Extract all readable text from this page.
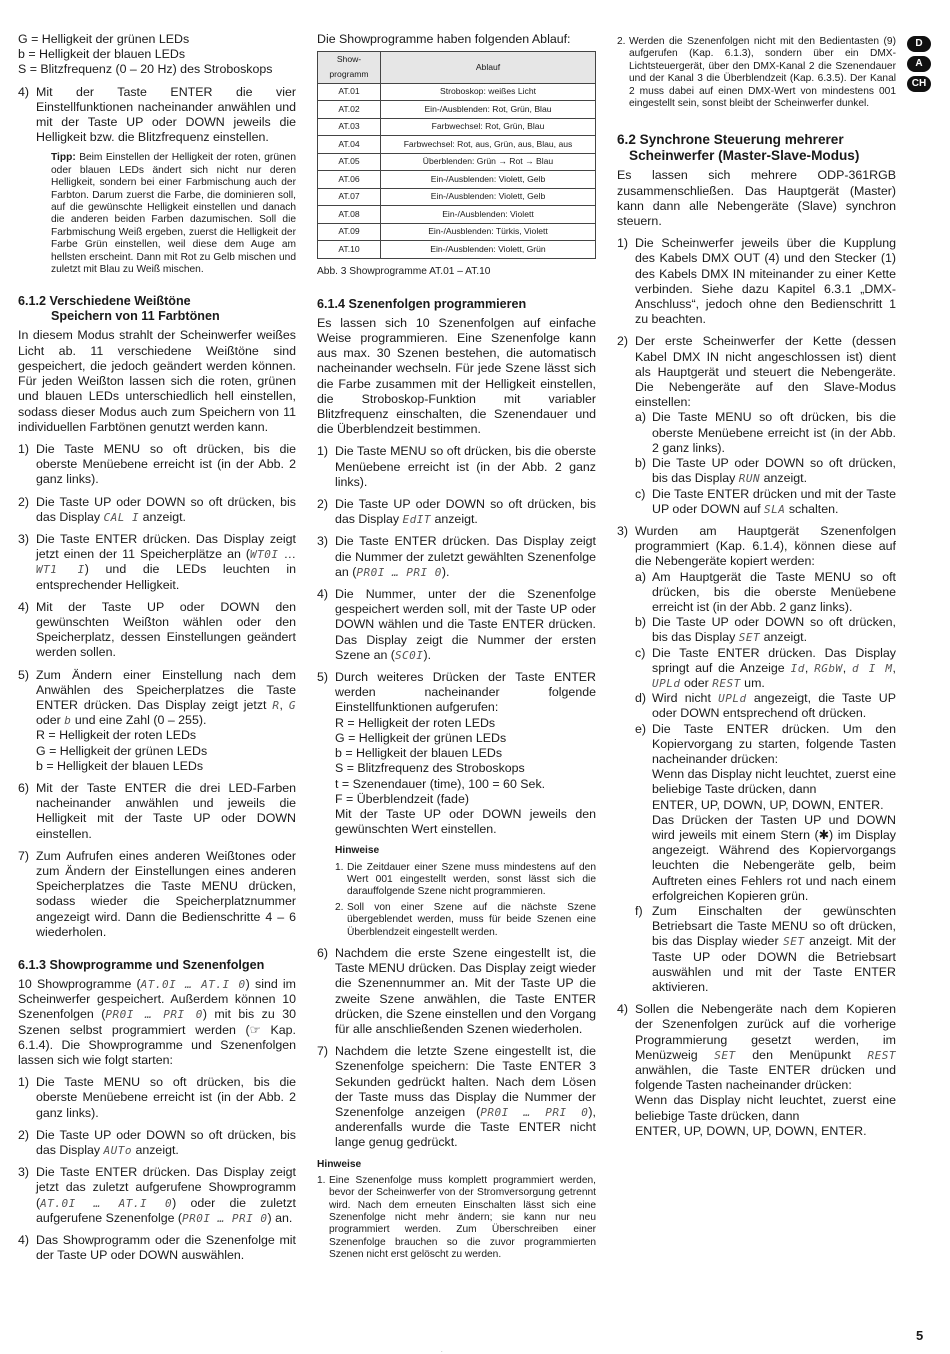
G = Helligkeit der grünen LEDs

b = Helligkeit der blauen LEDs

S = Blitzfrequenz (0 – 20 Hz) des Stroboskops

4) Mit der Taste ENTER die vier Einstellfunktionen nacheinander anwählen und mit der Taste UP oder DOWN jeweils die Helligkeit bzw. die Blitzfrequenz einstellen.
Tipp: Beim Einstellen der Helligkeit der roten, grünen oder blauen LEDs ändert sich nicht nur deren Helligkeit, sondern bei einer Farbmischung auch der Farbton. Darum zuerst die Farbe, die dominieren soll, auf die gewünschte Helligkeit einstellen und danach die anderen beiden Farben dazumischen. Soll die Farbmischung Weiß ergeben, zuerst die Helligkeit der Farbe Grün einstellen, weil diese dem Auge am hellsten erscheint. Dann mit Rot zu Gelb mischen und zuletzt mit Blau zu Weiß mischen.
6.1.2 Verschiedene Weißtöne
Speichern von 11 Farbtönen

In diesem Modus strahlt der Scheinwerfer weißes Licht ab. 11 verschiedene Weißtöne sind gespeichert, die jedoch geändert werden können. Für jeden Weißton lassen sich die roten, grünen und blauen LEDs unterschiedlich hell einstellen, sodass dieser Modus auch zum Speichern von 11 individuellen Farbtönen genutzt werden kann.

1) Die Taste MENU so oft drücken, bis die oberste Menüebene erreicht ist (in der Abb. 2 ganz links).
2) Die Taste UP oder DOWN so oft drücken, bis das Display CAL I anzeigt.
3) Die Taste ENTER drücken. Das Display zeigt jetzt einen der 11 Speicherplätze an (WT0I … WT1 I) und die LEDs leuchten in entsprechender Helligkeit.
4) Mit der Taste UP oder DOWN den gewünschten Weißton wählen oder den Speicherplatz, dessen Einstellungen geändert werden sollen.
5) Zum Ändern einer Einstellung nach dem Anwählen des Speicherplatzes die Taste ENTER drücken. Das Display zeigt jetzt R, G oder b und eine Zahl (0 – 255).
R = Helligkeit der roten LEDs
G = Helligkeit der grünen LEDs
b = Helligkeit der blauen LEDs
6) Mit der Taste ENTER die drei LED-Farben nacheinander anwählen und jeweils die Helligkeit mit der Taste UP oder DOWN einstellen.
7) Zum Aufrufen eines anderen Weißtones oder zum Ändern der Einstellungen eines anderen Speicherplatzes die Taste MENU drücken, sodass wieder die Speicherplatznummer angezeigt wird. Dann die Bedienschritte 4 – 6 wiederholen.
6.1.3 Showprogramme und Szenenfolgen

10 Showprogramme (AT.0I … AT.I 0) sind im Scheinwerfer gespeichert. Außerdem können 10 Szenenfolgen (PR0I … PRI 0) mit bis zu 30 Szenen selbst programmiert werden (☞ Kap. 6.1.4). Die Showprogramme und Szenenfolgen lassen sich wie folgt starten:

1) Die Taste MENU so oft drücken, bis die oberste Menüebene erreicht ist (in der Abb. 2 ganz links).
2) Die Taste UP oder DOWN so oft drücken, bis das Display AUTo anzeigt.
3) Die Taste ENTER drücken. Das Display zeigt jetzt das zuletzt aufgerufene Showprogramm (AT.0I … AT.I 0) oder die zuletzt aufgerufene Szenenfolge (PR0I … PRI 0) an.
4) Das Showprogramm oder die Szenenfolge mit der Taste UP oder DOWN auswählen.

Die Showprogramme haben folgenden Ablauf:

Show-programm	Ablauf
AT.01	Stroboskop: weißes Licht
AT.02	Ein-/Ausblenden: Rot, Grün, Blau
AT.03	Farbwechsel: Rot, Grün, Blau
AT.04	Farbwechsel: Rot, aus, Grün, aus, Blau, aus
AT.05	Überblenden: Grün → Rot → Blau
AT.06	Ein-/Ausblenden: Violett, Gelb
AT.07	Ein-/Ausblenden: Violett, Gelb
AT.08	Ein-/Ausblenden: Violett
AT.09	Ein-/Ausblenden: Türkis, Violett
AT.10	Ein-/Ausblenden: Violett, Grün

Abb. 3 Showprogramme AT.01 – AT.10

6.1.4 Szenenfolgen programmieren

Es lassen sich 10 Szenenfolgen auf einfache Weise programmieren. Eine Szenenfolge kann aus max. 30 Szenen bestehen, die automatisch nacheinander wechseln. Für jede Szene lässt sich die Farbe zusammen mit der Helligkeit einstellen, die Stroboskop-Funktion mit variabler Blitzfrequenz einschalten, die Szenendauer und die Überblendzeit bestimmen.

1) Die Taste MENU so oft drücken, bis die oberste Menüebene erreicht ist (in der Abb. 2 ganz links).
2) Die Taste UP oder DOWN so oft drücken, bis das Display EdIT anzeigt.
3) Die Taste ENTER drücken. Das Display zeigt die Nummer der zuletzt gewählten Szenenfolge an (PR0I … PRI 0).
4) Die Nummer, unter der die Szenenfolge gespeichert werden soll, mit der Taste UP oder DOWN wählen und die Taste ENTER drücken. Das Display zeigt die Nummer der ersten Szene an (SC0I).
5) Durch weiteres Drücken der Taste ENTER werden nacheinander folgende Einstellfunktionen aufgerufen:
R = Helligkeit der roten LEDs
G = Helligkeit der grünen LEDs
b = Helligkeit der blauen LEDs
S = Blitzfrequenz des Stroboskops
t = Szenendauer (time), 100 = 60 Sek.
F = Überblendzeit (fade)
Mit der Taste UP oder DOWN jeweils den gewünschten Wert einstellen.
Hinweise
1. Die Zeitdauer einer Szene muss mindestens auf den Wert 001 eingestellt werden, sonst lässt sich die darauffolgende Szene nicht programmieren.
2. Soll von einer Szene auf die nächste Szene übergeblendet werden, muss für beide Szenen eine Überblendzeit eingestellt werden.
6) Nachdem die erste Szene eingestellt ist, die Taste MENU drücken. Das Display zeigt wieder die Szenennummer an. Mit der Taste UP die zweite Szene anwählen, die Taste ENTER drücken, die Szene einstellen und den Vorgang für alle anschließenden Szenen wiederholen.
7) Nachdem die letzte Szene eingestellt ist, die Szenenfolge speichern: Die Taste ENTER 3 Sekunden gedrückt halten. Nach dem Lösen der Taste muss das Display die Nummer der Szenenfolge anzeigen (PR0I … PRI 0), anderenfalls wurde die Taste ENTER nicht lange genug gedrückt.
Hinweise
1. Eine Szenenfolge muss komplett programmiert werden, bevor der Scheinwerfer von der Stromversorgung getrennt wird. Nach dem erneuten Einschalten lässt sich eine Szenenfolge nicht mehr ändern; sie kann nur neu programmiert werden. Zum Überschreiben einer Szenenfolge brauchen so die zuvor programmierten Szenen nicht erst gelöscht zu werden.
2. Werden die Szenenfolgen nicht mit den Bedientasten (9) aufgerufen (Kap. 6.1.3), sondern über ein DMX-Lichtsteuergerät, über den DMX-Kanal 2 die Szenendauer und der Kanal 3 die Überblendzeit (Kap. 6.3.5). Der Kanal 2 muss dabei auf einen DMX-Wert von mindestens 001 eingestellt sein, sonst bleibt der Scheinwerfer dunkel.
6.2 Synchrone Steuerung mehrerer
Scheinwerfer (Master-Slave-Modus)

Es lassen sich mehrere ODP-361RGB zusammenschließen. Das Hauptgerät (Master) kann dann alle Nebengeräte (Slave) synchron steuern.

1) Die Scheinwerfer jeweils über die Kupplung des Kabels DMX OUT (4) und den Stecker (1) des Kabels DMX IN miteinander zu einer Kette verbinden. Siehe dazu Kapitel 6.3.1 „DMX-Anschluss“, jedoch ohne den Bedienschritt 1 zu beachten.
2) Der erste Scheinwerfer der Kette (dessen Kabel DMX IN nicht angeschlossen ist) dient als Hauptgerät und steuert die Nebengeräte. Die Nebengeräte auf den Slave-Modus einstellen:
a) Die Taste MENU so oft drücken, bis die oberste Menüebene erreicht ist (in der Abb. 2 ganz links).
b) Die Taste UP oder DOWN so oft drücken, bis das Display RUN anzeigt.
c) Die Taste ENTER drücken und mit der Taste UP oder DOWN auf SLA schalten.
3) Wurden am Hauptgerät Szenenfolgen programmiert (Kap. 6.1.4), können diese auf die Nebengeräte kopiert werden:
a) Am Hauptgerät die Taste MENU so oft drücken, bis die oberste Menüebene erreicht ist (in der Abb. 2 ganz links).
b) Die Taste UP oder DOWN so oft drücken, bis das Display SET anzeigt.
c) Die Taste ENTER drücken. Das Display springt auf die Anzeige Id, RGbW, d I M, UPLd oder REST um.
d) Wird nicht UPLd angezeigt, die Taste UP oder DOWN entsprechend oft drücken.
e) Die Taste ENTER drücken. Um den Kopiervorgang zu starten, folgende Tasten nacheinander drücken:
Wenn das Display nicht leuchtet, zuerst eine beliebige Taste drücken, dann
ENTER, UP, DOWN, UP, DOWN, ENTER.
Das Drücken der Tasten UP und DOWN wird jeweils mit einem Stern (✱) im Display angezeigt. Während des Kopiervorgangs leuchten die Nebengeräte gelb, beim Auftreten eines Fehlers rot und nach einem erfolgreichen Kopieren grün.
f) Zum Einschalten der gewünschten Betriebsart die Taste MENU so oft drücken, bis das Display wieder SET anzeigt. Mit der Taste UP oder DOWN die Betriebsart auswählen und mit der Taste ENTER aktivieren.
4) Sollen die Nebengeräte nach dem Kopieren der Szenenfolgen zurück auf die vorherige Programmierung gesetzt werden, im Menüzweig SET den Menüpunkt REST anwählen, die Taste ENTER drücken und folgende Tasten nacheinander drücken:
Wenn das Display nicht leuchtet, zuerst eine beliebige Taste drücken, dann
ENTER, UP, DOWN, UP, DOWN, ENTER.
D
A
CH
5
.
